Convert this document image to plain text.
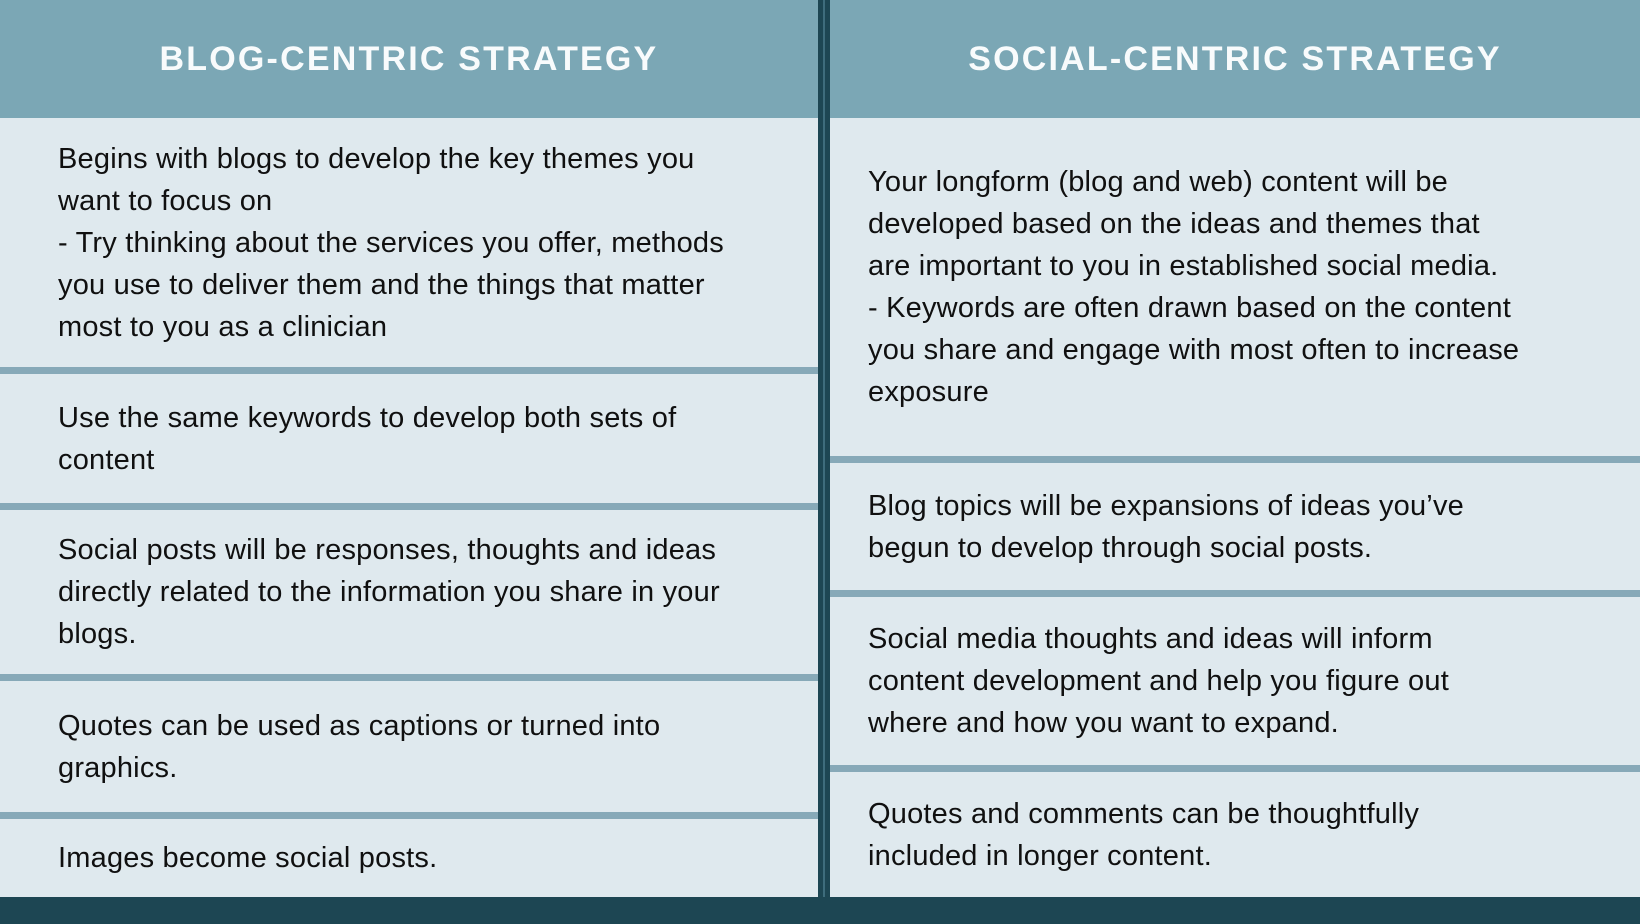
BLOG-CENTRIC STRATEGY

Begins with blogs to develop the key themes you want to focus on

- Try thinking about the services you offer, methods you use to deliver them and the things that matter most to you as a clinician

Use the same keywords to develop both sets of content

Social posts will be responses, thoughts and ideas directly related to the information you share in your blogs.

Quotes can be used as captions or turned into graphics.

Images become social posts.

SOCIAL-CENTRIC STRATEGY

Your longform (blog and web) content will be developed based on the ideas and themes that are important to you in established social media.

- Keywords are often drawn based on the content you share and engage with most often to increase exposure

Blog topics will be expansions of ideas you’ve begun to develop through social posts.

Social media thoughts and ideas will inform content development and help you figure out where and how you want to expand.

Quotes and comments can be thoughtfully included in longer content.
